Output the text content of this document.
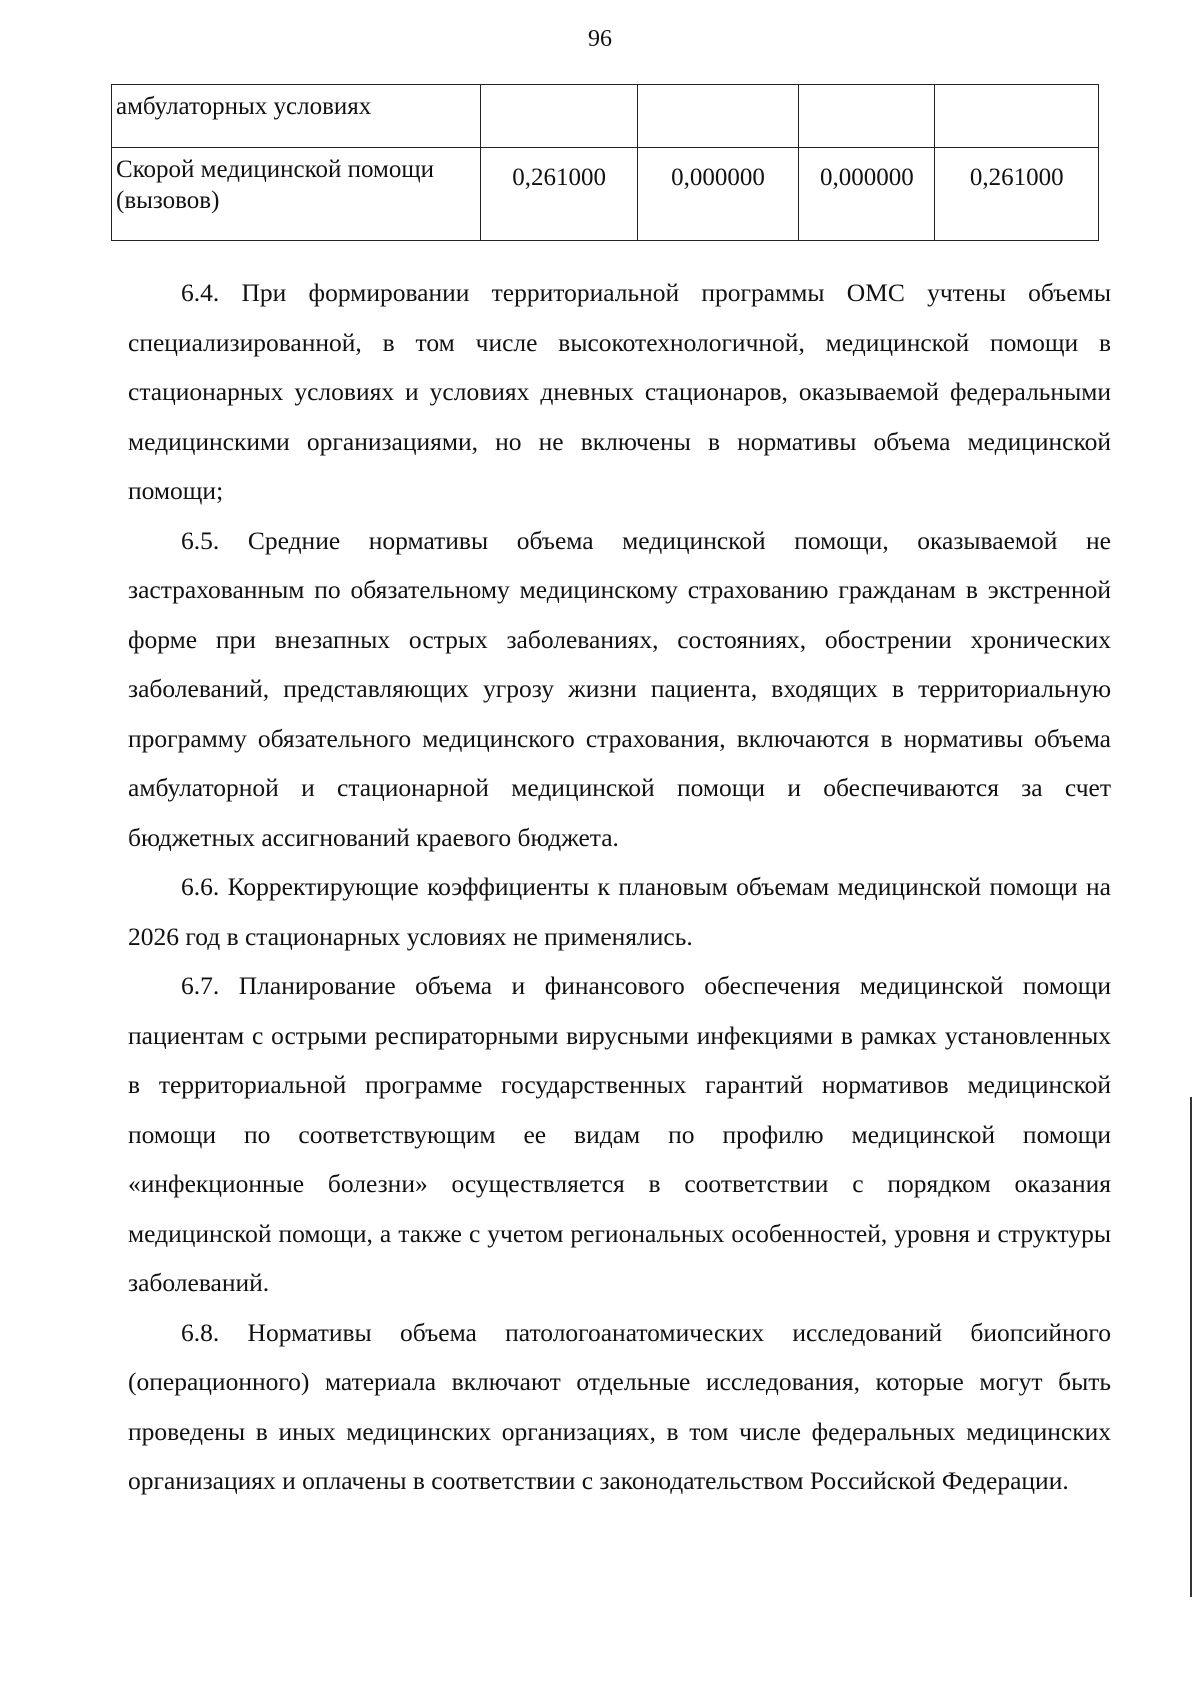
96
амбулаторных условиях				
Скорой медицинской помощи (вызовов)	0,261000	0,000000	0,000000	0,261000

6.4. При формировании территориальной программы ОМС учтены объемы специализированной, в том числе высокотехнологичной, медицинской помощи в стационарных условиях и условиях дневных стационаров, оказываемой федеральными медицинскими организациями, но не включены в нормативы объема медицинской помощи;

6.5. Средние нормативы объема медицинской помощи, оказываемой не застрахованным по обязательному медицинскому страхованию гражданам в экстренной форме при внезапных острых заболеваниях, состояниях, обострении хронических заболеваний, представляющих угрозу жизни пациента, входящих в территориальную программу обязательного медицинского страхования, включаются в нормативы объема амбулаторной и стационарной медицинской помощи и обеспечиваются за счет бюджетных ассигнований краевого бюджета.

6.6. Корректирующие коэффициенты к плановым объемам медицинской помощи на 2026 год в стационарных условиях не применялись.

6.7. Планирование объема и финансового обеспечения медицинской помощи пациентам с острыми респираторными вирусными инфекциями в рамках установленных в территориальной программе государственных гарантий нормативов медицинской помощи по соответствующим ее видам по профилю медицинской помощи «инфекционные болезни» осуществляется в соответствии с порядком оказания медицинской помощи, а также с учетом региональных особенностей, уровня и структуры заболеваний.

6.8. Нормативы объема патологоанатомических исследований биопсийного (операционного) материала включают отдельные исследования, которые могут быть проведены в иных медицинских организациях, в том числе федеральных медицинских организациях и оплачены в соответствии с законодательством Российской Федерации.
